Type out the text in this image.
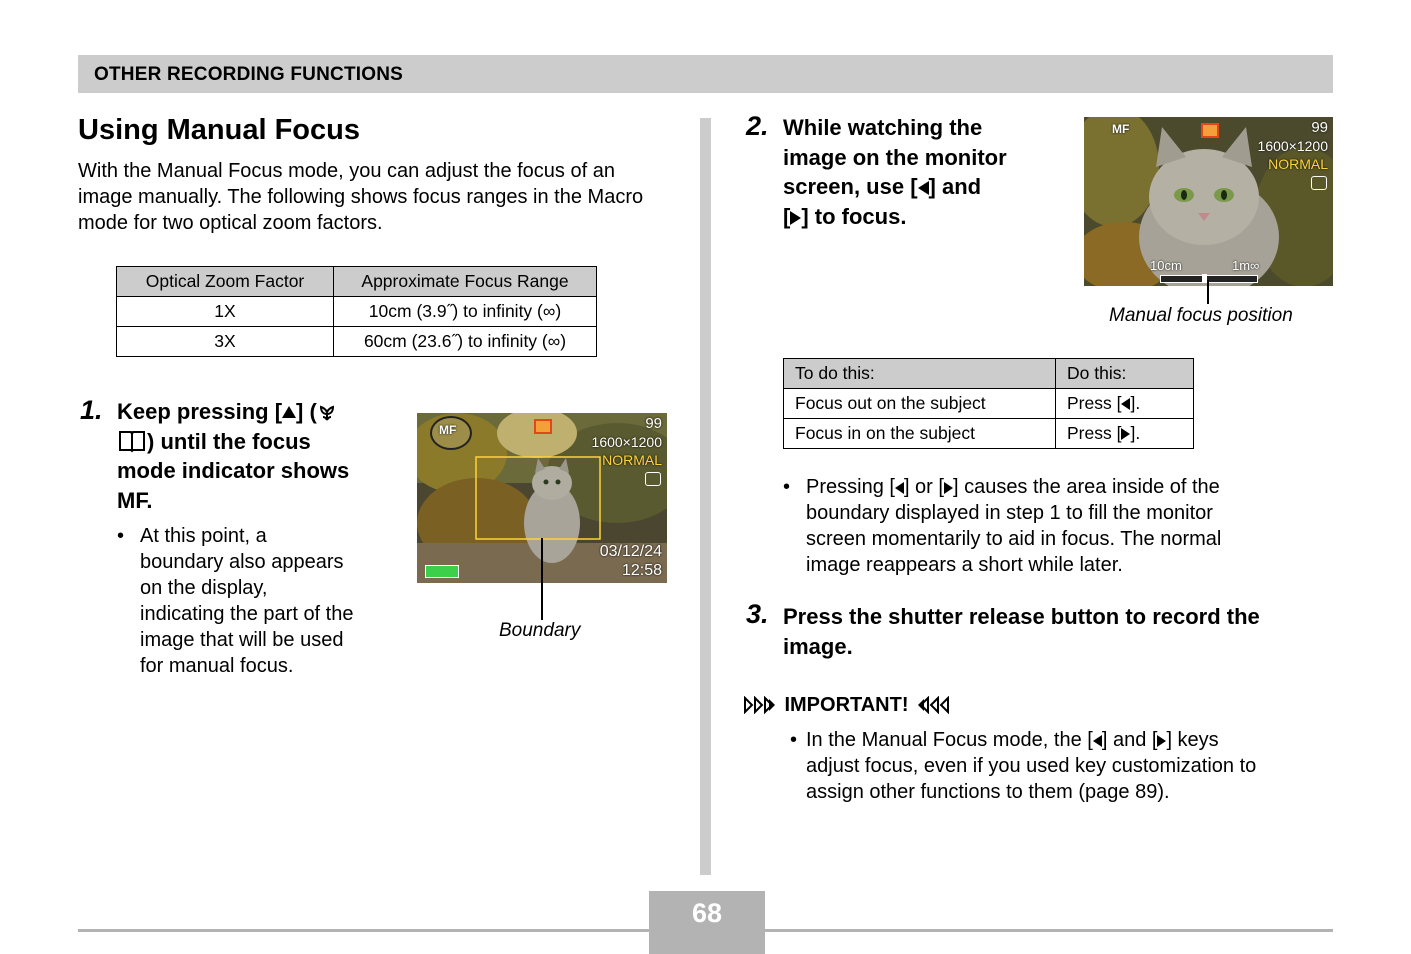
OTHER RECORDING FUNCTIONS
Using Manual Focus

With the Manual Focus mode, you can adjust the focus of an image manually. The following shows focus ranges in the Macro mode for two optical zoom factors.

Optical Zoom Factor	Approximate Focus Range
1X	10cm (3.9˝) to infinity (∞)
3X	60cm (23.6˝) to infinity (∞)
1. Keep pressing [ ] (
) until the focus
mode indicator shows
MF.
• At this point, a
boundary also appears
on the display,
indicating the part of the
image that will be used
for manual focus.
MF	99
1600×1200
NORMAL
03/12/24
12:58
Boundary
2. While watching the
image on the monitor
screen, use [ ] and
[ ] to focus.
MF	99
1600×1200
NORMAL
10cm	1m∞
Manual focus position
To do this:	Do this:
Focus out on the subject	Press [ ].
Focus in on the subject	Press [ ].
• Pressing [ ] or [ ] causes the area inside of the
boundary displayed in step 1 to fill the monitor
screen momentarily to aid in focus. The normal
image reappears a short while later.
3. Press the shutter release button to record the
image.
IMPORTANT!
• In the Manual Focus mode, the [ ] and [ ] keys
adjust focus, even if you used key customization to
assign other functions to them (page 89).
68
